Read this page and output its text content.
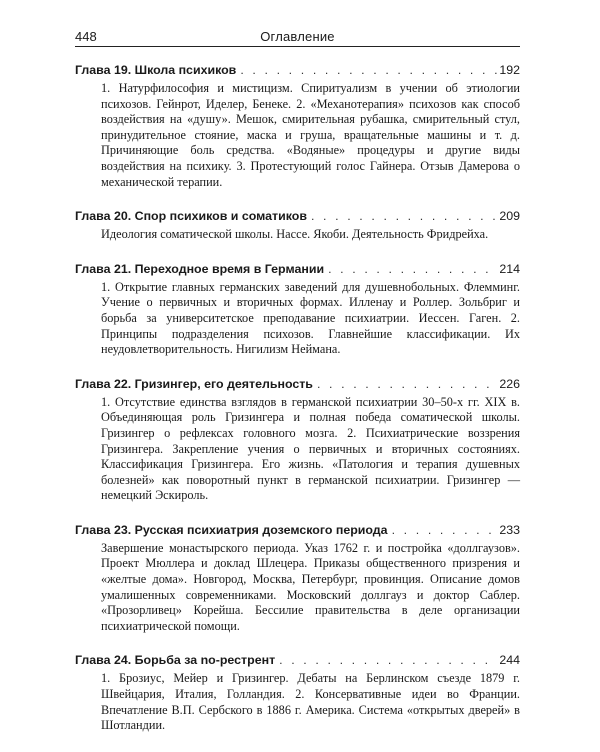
448	Оглавление
Глава 19. Школа психиков . . .	192
1. Натурфилософия и мистицизм. Спиритуализм в учении об этиологии психозов. Гейнрот, Иделер, Бенеке. 2. «Механотерапия» психозов как способ воздействия на «душу». Мешок, смирительная рубашка, смирительный стул, принудительное стояние, маска и груша, вращательные машины и т. д. Причиняющие боль средства. «Водяные» процедуры и другие виды воздействия на психику. 3. Протестующий голос Гайнера. Отзыв Дамерова о механической терапии.
Глава 20. Спор психиков и соматиков . . .	209
Идеология соматической школы. Нассе. Якоби. Деятельность Фридрейха.
Глава 21. Переходное время в Германии . . .	214
1. Открытие главных германских заведений для душевнобольных. Флемминг. Учение о первичных и вторичных формах. Илленау и Роллер. Зольбриг и борьба за университетское преподавание психиатрии. Иессен. Гаген. 2. Принципы подразделения психозов. Главнейшие классификации. Их неудовлетворительность. Нигилизм Неймана.
Глава 22. Гризингер, его деятельность . . .	226
1. Отсутствие единства взглядов в германской психиатрии 30–50-х гг. XIX в. Объединяющая роль Гризингера и полная победа соматической школы. Гризингер о рефлексах головного мозга. 2. Психиатрические воззрения Гризингера. Закрепление учения о первичных и вторичных состояниях. Классификация Гризингера. Его жизнь. «Патология и терапия душевных болезней» как поворотный пункт в германской психиатрии. Гризингер — немецкий Эскироль.
Глава 23. Русская психиатрия доземского периода . . .	233
Завершение монастырского периода. Указ 1762 г. и постройка «доллгаузов». Проект Мюллера и доклад Шлецера. Приказы общественного призрения и «желтые дома». Новгород, Москва, Петербург, провинция. Описание домов умалишенных современниками. Московский доллгауз и доктор Саблер. «Прозорливец» Корейша. Бессилие правительства в деле организации психиатрической помощи.
Глава 24. Борьба за no-рестрент . . .	244
1. Брозиус, Мейер и Гризингер. Дебаты на Берлинском съезде 1879 г. Швейцария, Италия, Голландия. 2. Консервативные идеи во Франции. Впечатление В.П. Сербского в 1886 г. Америка. Система «открытых дверей» в Шотландии.
